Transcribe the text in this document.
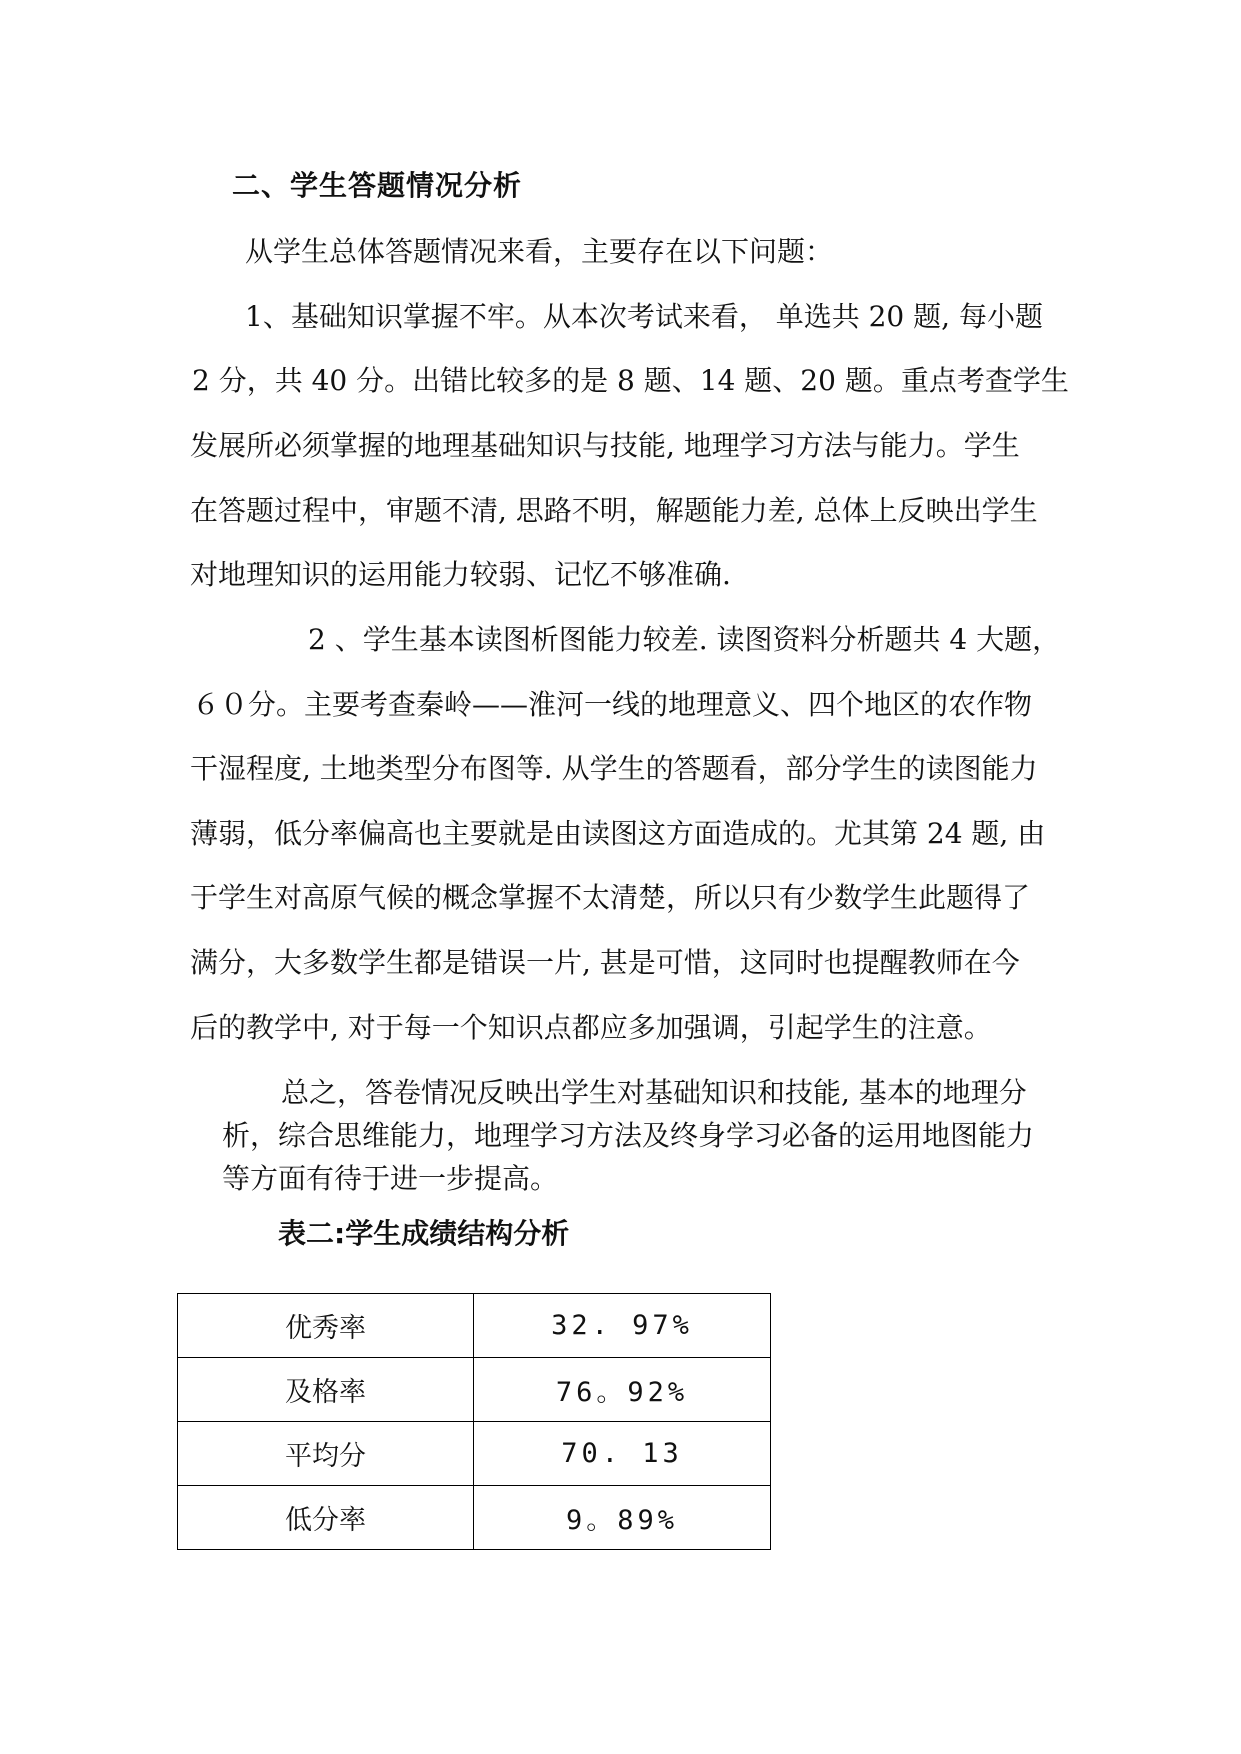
二、学生答题情况分析
从学生总体答题情况来看，主要存在以下问题：
1、基础知识掌握不牢。从本次考试来看， 单选共 20 题, 每小题
2 分，共 40 分。出错比较多的是 8 题、14 题、20 题。重点考查学生
发展所必须掌握的地理基础知识与技能, 地理学习方法与能力。学生
在答题过程中，审题不清, 思路不明，解题能力差, 总体上反映出学生
对地理知识的运用能力较弱、记忆不够准确.
2 、学生基本读图析图能力较差. 读图资料分析题共 4 大题，
６０分。主要考查秦岭——淮河一线的地理意义、四个地区的农作物
干湿程度, 土地类型分布图等. 从学生的答题看，部分学生的读图能力
薄弱，低分率偏高也主要就是由读图这方面造成的。尤其第 24 题, 由
于学生对高原气候的概念掌握不太清楚，所以只有少数学生此题得了
满分，大多数学生都是错误一片, 甚是可惜，这同时也提醒教师在今
后的教学中, 对于每一个知识点都应多加强调，引起学生的注意。
总之，答卷情况反映出学生对基础知识和技能, 基本的地理分
析，综合思维能力，地理学习方法及终身学习必备的运用地图能力
等方面有待于进一步提高。
表二:学生成绩结构分析
优秀率	32. 97%
及格率	76。92%
平均分	70. 13
低分率	9。89%
